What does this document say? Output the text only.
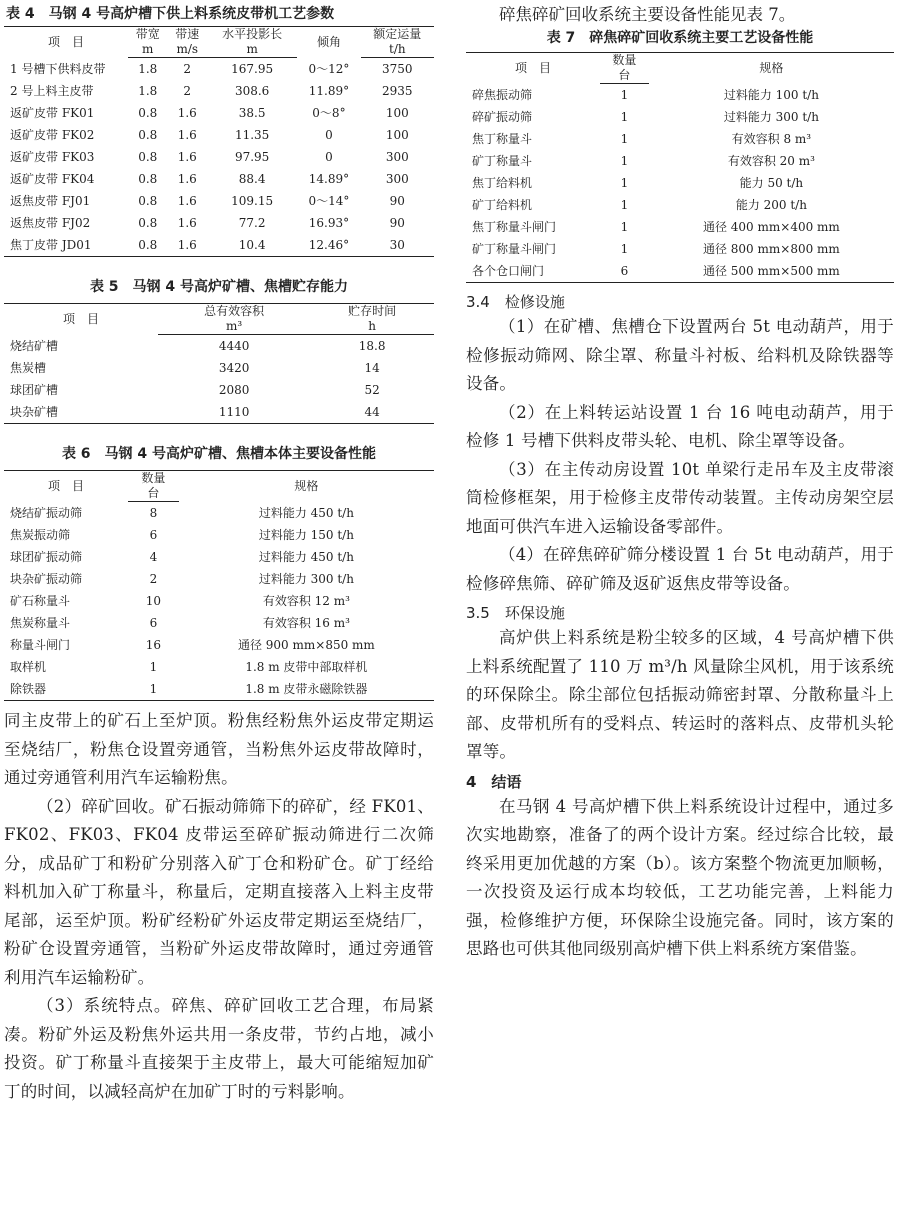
表 4　马钢 4 号高炉槽下供上料系统皮带机工艺参数
项　目	带宽	带速	水平投影长	倾角	额定运量
	m	m/s	m		t/h
1 号槽下供料皮带	1.8	2	167.95	0～12°	3750
2 号上料主皮带	1.8	2	308.6	11.89°	2935
返矿皮带 FK01	0.8	1.6	38.5	0～8°	100
返矿皮带 FK02	0.8	1.6	11.35	0	100
返矿皮带 FK03	0.8	1.6	97.95	0	300
返矿皮带 FK04	0.8	1.6	88.4	14.89°	300
返焦皮带 FJ01	0.8	1.6	109.15	0～14°	90
返焦皮带 FJ02	0.8	1.6	77.2	16.93°	90
焦丁皮带 JD01	0.8	1.6	10.4	12.46°	30
表 5　马钢 4 号高炉矿槽、焦槽贮存能力
项　目	总有效容积	贮存时间
	m³	h
烧结矿槽	4440	18.8
焦炭槽	3420	14
球团矿槽	2080	52
块杂矿槽	1110	44
表 6　马钢 4 号高炉矿槽、焦槽本体主要设备性能
项　目	数量	规格
	台	
烧结矿振动筛	8	过料能力 450 t/h
焦炭振动筛	6	过料能力 150 t/h
球团矿振动筛	4	过料能力 450 t/h
块杂矿振动筛	2	过料能力 300 t/h
矿石称量斗	10	有效容积 12 m³
焦炭称量斗	6	有效容积 16 m³
称量斗闸门	16	通径 900 mm×850 mm
取样机	1	1.8 m 皮带中部取样机
除铁器	1	1.8 m 皮带永磁除铁器

同主皮带上的矿石上至炉顶。粉焦经粉焦外运皮带定期运至烧结厂，粉焦仓设置旁通管，当粉焦外运皮带故障时，通过旁通管利用汽车运输粉焦。

（2）碎矿回收。矿石振动筛筛下的碎矿，经 FK01、FK02、FK03、FK04 皮带运至碎矿振动筛进行二次筛分，成品矿丁和粉矿分别落入矿丁仓和粉矿仓。矿丁经给料机加入矿丁称量斗，称量后，定期直接落入上料主皮带尾部，运至炉顶。粉矿经粉矿外运皮带定期运至烧结厂，粉矿仓设置旁通管，当粉矿外运皮带故障时，通过旁通管利用汽车运输粉矿。

（3）系统特点。碎焦、碎矿回收工艺合理，布局紧凑。粉矿外运及粉焦外运共用一条皮带，节约占地，减小投资。矿丁称量斗直接架于主皮带上，最大可能缩短加矿丁的时间，以减轻高炉在加矿丁时的亏料影响。

碎焦碎矿回收系统主要设备性能见表 7。

表 7　碎焦碎矿回收系统主要工艺设备性能
项　目	数量	规格
	台	
碎焦振动筛	1	过料能力 100 t/h
碎矿振动筛	1	过料能力 300 t/h
焦丁称量斗	1	有效容积 8 m³
矿丁称量斗	1	有效容积 20 m³
焦丁给料机	1	能力 50 t/h
矿丁给料机	1	能力 200 t/h
焦丁称量斗闸门	1	通径 400 mm×400 mm
矿丁称量斗闸门	1	通径 800 mm×800 mm
各个仓口闸门	6	通径 500 mm×500 mm
3.4　检修设施

（1）在矿槽、焦槽仓下设置两台 5t 电动葫芦，用于检修振动筛网、除尘罩、称量斗衬板、给料机及除铁器等设备。

（2）在上料转运站设置 1 台 16 吨电动葫芦，用于检修 1 号槽下供料皮带头轮、电机、除尘罩等设备。

（3）在主传动房设置 10t 单梁行走吊车及主皮带滚筒检修框架，用于检修主皮带传动装置。主传动房架空层地面可供汽车进入运输设备零部件。

（4）在碎焦碎矿筛分楼设置 1 台 5t 电动葫芦，用于检修碎焦筛、碎矿筛及返矿返焦皮带等设备。

3.5　环保设施

高炉供上料系统是粉尘较多的区域，4 号高炉槽下供上料系统配置了 110 万 m³/h 风量除尘风机，用于该系统的环保除尘。除尘部位包括振动筛密封罩、分散称量斗上部、皮带机所有的受料点、转运时的落料点、皮带机头轮罩等。

4　结语

在马钢 4 号高炉槽下供上料系统设计过程中，通过多次实地勘察，准备了的两个设计方案。经过综合比较，最终采用更加优越的方案（b）。该方案整个物流更加顺畅，一次投资及运行成本均较低，工艺功能完善，上料能力强，检修维护方便，环保除尘设施完备。同时，该方案的思路也可供其他同级别高炉槽下供上料系统方案借鉴。
